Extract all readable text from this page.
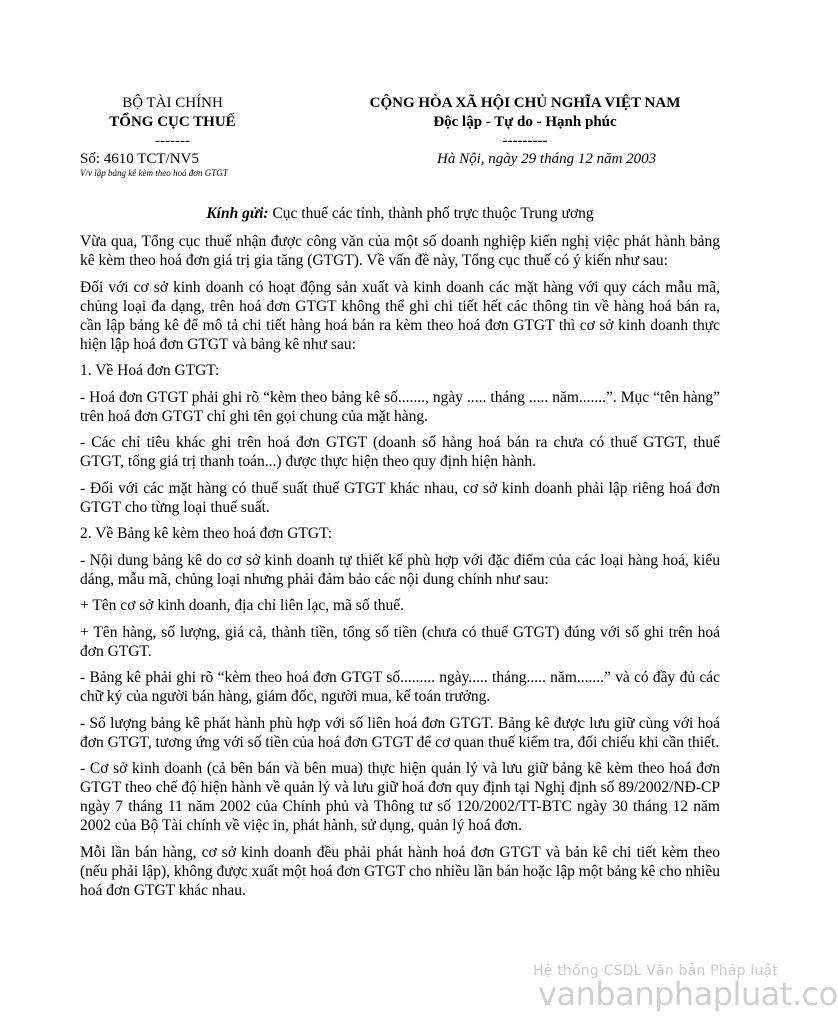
BỘ TÀI CHÍNH
TỔNG CỤC THUẾ
-------
CỘNG HÒA XÃ HỘI CHỦ NGHĨA VIỆT NAM
Độc lập - Tự do - Hạnh phúc
---------
Số: 4610 TCT/NV5
V/v lập bảng kê kèm theo hoá đơn GTGT
Hà Nội, ngày 29 tháng 12 năm 2003
Kính gửi: Cục thuế các tỉnh, thành phố trực thuộc Trung ương

Vừa qua, Tổng cục thuế nhận được công văn của một số doanh nghiệp kiến nghị việc phát hành bảng kê kèm theo hoá đơn giá trị gia tăng (GTGT). Về vấn đề này, Tổng cục thuế có ý kiến như sau:

Đối với cơ sở kinh doanh có hoạt động sản xuất và kinh doanh các mặt hàng với quy cách mẫu mã, chủng loại đa dạng, trên hoá đơn GTGT không thể ghi chi tiết hết các thông tin về hàng hoá bán ra, cần lập bảng kê để mô tả chi tiết hàng hoá bán ra kèm theo hoá đơn GTGT thì cơ sở kinh doanh thực hiện lập hoá đơn GTGT và bảng kê như sau:

1. Về Hoá đơn GTGT:

- Hoá đơn GTGT phải ghi rõ “kèm theo bảng kê số......., ngày ..... tháng ..... năm.......”. Mục “tên hàng” trên hoá đơn GTGT chỉ ghi tên gọi chung của mặt hàng.

- Các chỉ tiêu khác ghi trên hoá đơn GTGT (doanh số hàng hoá bán ra chưa có thuế GTGT, thuế GTGT, tổng giá trị thanh toán...) được thực hiện theo quy định hiện hành.

- Đối với các mặt hàng có thuế suất thuế GTGT khác nhau, cơ sở kinh doanh phải lập riêng hoá đơn GTGT cho từng loại thuế suất.

2. Về Bảng kê kèm theo hoá đơn GTGT:

- Nội dung bảng kê do cơ sở kinh doanh tự thiết kế phù hợp với đặc điểm của các loại hàng hoá, kiểu dáng, mẫu mã, chủng loại nhưng phải đảm bảo các nội dung chính như sau:

+ Tên cơ sở kinh doanh, địa chỉ liên lạc, mã số thuế.

+ Tên hàng, số lượng, giá cả, thành tiền, tổng số tiền (chưa có thuế GTGT) đúng với số ghi trên hoá đơn GTGT.

- Bảng kê phải ghi rõ “kèm theo hoá đơn GTGT số......... ngày..... tháng..... năm.......” và có đầy đủ các chữ ký của người bán hàng, giám đốc, người mua, kế toán trưởng.

- Số lượng bảng kê phát hành phù hợp với số liên hoá đơn GTGT. Bảng kê được lưu giữ cùng với hoá đơn GTGT, tương ứng với số tiền của hoá đơn GTGT để cơ quan thuế kiểm tra, đối chiếu khi cần thiết.

- Cơ sở kinh doanh (cả bên bán và bên mua) thực hiện quản lý và lưu giữ bảng kê kèm theo hoá đơn GTGT theo chế độ hiện hành về quản lý và lưu giữ hoá đơn quy định tại Nghị định số 89/2002/NĐ-CP ngày 7 tháng 11 năm 2002 của Chính phủ và Thông tư số 120/2002/TT-BTC ngày 30 tháng 12 năm 2002 của Bộ Tài chính về việc in, phát hành, sử dụng, quản lý hoá đơn.

Mỗi lần bán hàng, cơ sở kinh doanh đều phải phát hành hoá đơn GTGT và bản kê chi tiết kèm theo (nếu phải lập), không được xuất một hoá đơn GTGT cho nhiều lần bán hoặc lập một bảng kê cho nhiều hoá đơn GTGT khác nhau.

Hệ thống CSDL Văn bản Pháp luật
vanbanphapluat.co
